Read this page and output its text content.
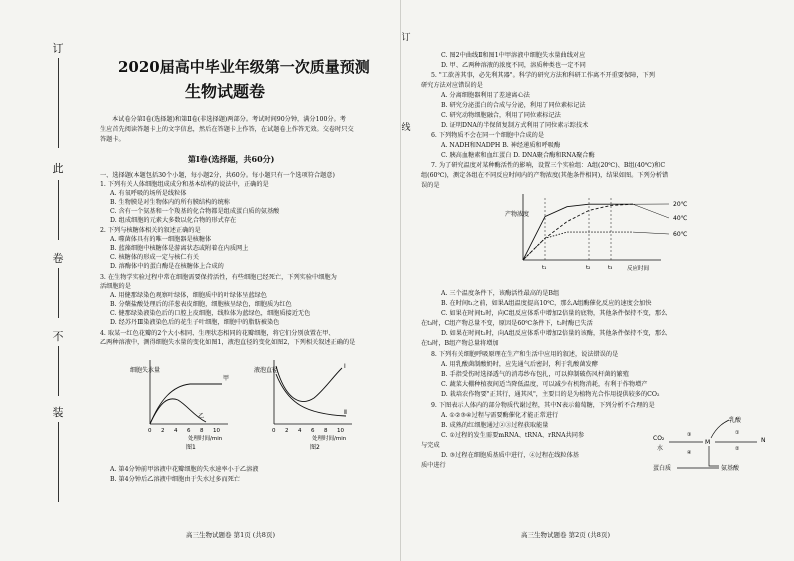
订
此
卷
不
装
2020届高中毕业年级第一次质量预测
生物试题卷
本试卷分第Ⅰ卷(选择题)和第Ⅱ卷(非选择题)两部分。考试时间90分钟，满分100分。考
生应首先阅读答题卡上的文字信息，然后在答题卡上作答，在试题卷上作答无效。交卷时只交
答题卡。
第Ⅰ卷(选择题，共60分)
一、选择题(本题包括30个小题，每小题2分，共60分。每小题只有一个选项符合题意)
1. 下列有关人体细胞组成成分和基本结构的说法中，正确的是
A. 有氧呼吸的场所是线粒体
B. 生物膜是对生物体内的所有膜结构的统称
C. 含有一个氨基和一个羧基的化合物都是组成蛋白质的氨基酸
D. 组成细胞的元素大多数以化合物的形式存在
2. 下列与核糖体相关的叙述正确的是
A. 噬菌体具有的唯一细胞器是核糖体
B. 蓝藻细胞中核糖体是游离状态或附着在内质网上
C. 核糖体的形成一定与核仁有关
D. 溶酶体中的蛋白酶是在核糖体上合成的
3. 在生物学实验过程中常在细胞需要保持活性，有些细胞已经死亡，下列实验中细胞为
活细胞的是
A. 用健那绿染色观察叶绿体，细胞质中的叶绿体呈蓝绿色
B. 分蘖盐酸处理后的洋葱表皮细胞，细胞核呈绿色，细胞质为红色
C. 健那绿染液染色后的口腔上皮细胞，线粒体为蓝绿色，细胞质接近无色
D. 经苏丹Ⅲ染液染色后的花生子叶细胞，细胞中的脂肪被染色
4. 取某一红色花瓣的2个大小相同、生理状态相同的花瓣细胞，将它们分别放置在甲、
乙两种溶液中，测得细胞失水量的变化如图1，液泡直径的变化如图2，下列相关叙述正确的是
细胞失水量
甲
乙
0 2 4 6 8 10
处理时间/min
图1
液泡直径
Ⅰ
Ⅱ
0 2 4 6 8 10
处理时间/min
图2
A. 第4分钟前甲溶液中花瓣细胞的失水速率小于乙溶液
B. 第4分钟后乙溶液中细胞由于失水过多而死亡
高三生物试题卷 第1页 (共8页)
订
线
C. 图2中曲线Ⅱ和图1中甲溶液中细胞失水量曲线对应
D. 甲、乙两种溶液的浓度不同，溶质种类也一定不同
5. "工欲善其事，必先利其器"。科学的研究方法和科研工作离不开重要保障，下列
研究方法对应错误的是
A. 分离细胞器利用了差速离心法
B. 研究分泌蛋白的合成与分泌，利用了同位素标记法
C. 研究动物细胞融合，利用了同位素标记法
D. 证明DNA的半保留复制方式利用了同位素示踪技术
6. 下列物质不会在同一个细胞中合成的是
A. NADH和NADPH B. 神经递质和呼吸酶
C. 胰高血糖素和血红蛋白 D. DNA聚合酶和RNA聚合酶
7. 为了研究温度对某种酶活性的影响，设置三个实验组：A组(20℃)、B组(40℃)和C
组(60℃)，测定各组在不同反应时间内的产物浓度(其他条件相同)，结果如图。下列分析错
误的是
产物浓度
反应时间
20℃
40℃
60℃
t₁	t₂	t₃
A. 三个温度条件下，该酶活性最高的是B组
B. 在时间t₁之前，如果A组温度提高10℃，那么A组酶催化反应的速度会加快
C. 如果在时间t₂时，向C组反应体系中增加2倍量的底物，其他条件保持不变，那么
在t₃时，C组产物总量不变，原因是60℃条件下，t₂时酶已失活
D. 如果在时间t₂时，向A组反应体系中增加2倍量的该酶，其他条件保持不变，那么
在t₃时，B组产物总量将增加
8. 下列有关细胞呼吸原理在生产和生活中应用的叙述，说法错误的是
A. 用乳酸菌制酸奶时，应先通气后密封，利于乳酸菌发酵
B. 手指受伤时选择透气的消毒纱布包扎，可以抑制破伤风杆菌的繁殖
C. 蔬菜大棚种植夜间适当降低温度，可以减少有机物消耗，有利于作物增产
D. 栽培农作物要"正其行，通其风"，主要目的是为植物光合作用提供较多的CO₂
9. 下图表示人体内的部分物质代谢过程，其中N表示葡萄糖，下列分析不合理的是
A. ①②③④过程与需要酶催化才能正常进行
B. 成熟的红细胞通过②③过程获取能量
C. ①过程的发生需要mRNA、tRNA、rRNA共同参
与完成
D. ③过程在细胞质基质中进行，④过程在线粒体基
质中进行
乳酸
CO₂
水
M	N
①
②
③
④
蛋白质	氨基酸
高三生物试题卷 第2页 (共8页)
